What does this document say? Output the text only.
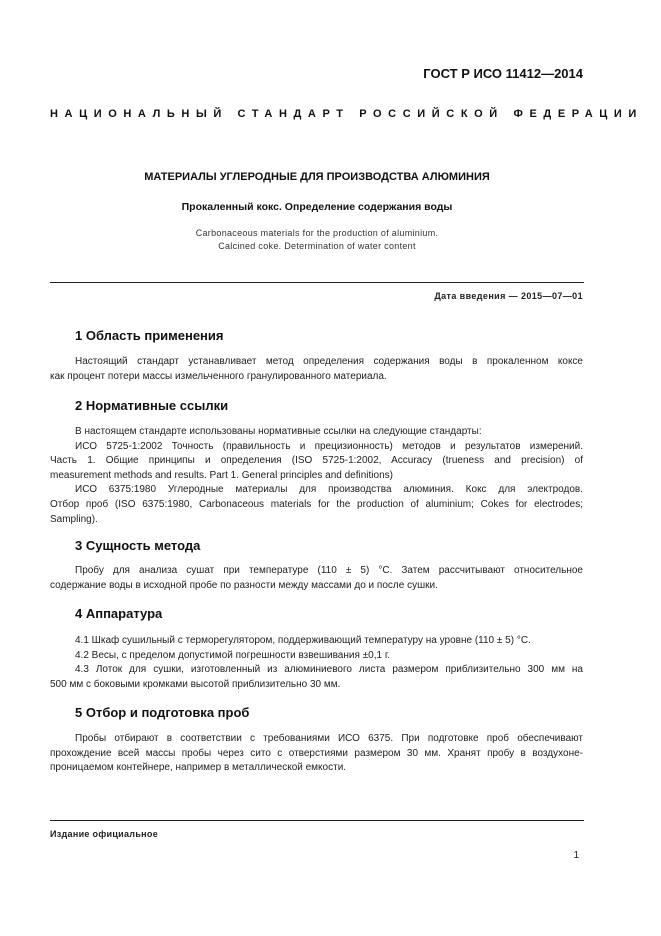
ГОСТ Р ИСО 11412—2014
НАЦИОНАЛЬНЫЙ СТАНДАРТ РОССИЙСКОЙ ФЕДЕРАЦИИ
МАТЕРИАЛЫ УГЛЕРОДНЫЕ ДЛЯ ПРОИЗВОДСТВА АЛЮМИНИЯ
Прокаленный кокс. Определение содержания воды
Carbonaceous materials for the production of aluminium.
Calcined coke. Determination of water content
Дата введения — 2015—07—01
1 Область применения
Настоящий стандарт устанавливает метод определения содержания воды в прокаленном коксе
как процент потери массы измельченного гранулированного материала.
2 Нормативные ссылки
В настоящем стандарте использованы нормативные ссылки на следующие стандарты:
ИСО 5725-1:2002 Точность (правильность и прецизионность) методов и результатов измерений.
Часть 1. Общие принципы и определения (ISO 5725-1:2002, Accuracy (trueness and precision) of
measurement methods and results. Part 1. General principles and definitions)
ИСО 6375:1980 Углеродные материалы для производства алюминия. Кокс для электродов.
Отбор проб (ISO 6375:1980, Carbonaceous materials for the production of aluminium; Cokes for electrodes;
Sampling).
3 Сущность метода
Пробу для анализа сушат при температуре (110 ± 5) °С. Затем рассчитывают относительное
содержание воды в исходной пробе по разности между массами до и после сушки.
4 Аппаратура
4.1 Шкаф сушильный с терморегулятором, поддерживающий температуру на уровне (110 ± 5) °С.
4.2 Весы, с пределом допустимой погрешности взвешивания ±0,1 г.
4.3 Лоток для сушки, изготовленный из алюминиевого листа размером приблизительно 300 мм на
500 мм с боковыми кромками высотой приблизительно 30 мм.
5 Отбор и подготовка проб
Пробы отбирают в соответствии с требованиями ИСО 6375. При подготовке проб обеспечивают
прохождение всей массы пробы через сито с отверстиями размером 30 мм. Хранят пробу в воздухоне-
проницаемом контейнере, например в металлической емкости.
Издание официальное
1
